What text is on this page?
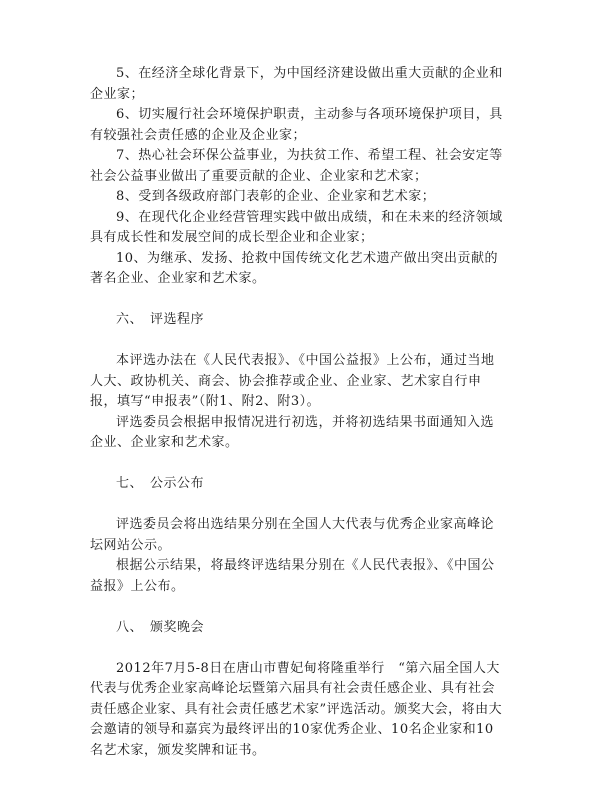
5、在经济全球化背景下，为中国经济建设做出重大贡献的企业和企业家；

6、切实履行社会环境保护职责，主动参与各项环境保护项目，具有较强社会责任感的企业及企业家；

7、热心社会环保公益事业，为扶贫工作、希望工程、社会安定等社会公益事业做出了重要贡献的企业、企业家和艺术家；

8、受到各级政府部门表彰的企业、企业家和艺术家；

9、在现代化企业经营管理实践中做出成绩，和在未来的经济领域具有成长性和发展空间的成长型企业和企业家；

10、为继承、发扬、抢救中国传统文化艺术遗产做出突出贡献的著名企业、企业家和艺术家。

六、　评选程序

本评选办法在《人民代表报》、《中国公益报》上公布，通过当地人大、政协机关、商会、协会推荐或企业、企业家、艺术家自行申报，填写“申报表”（附1、附2、附3）。

评选委员会根据申报情况进行初选，并将初选结果书面通知入选企业、企业家和艺术家。

七、　公示公布

评选委员会将出选结果分别在全国人大代表与优秀企业家高峰论坛网站公示。

根据公示结果，将最终评选结果分别在《人民代表报》、《中国公益报》上公布。

八、　颁奖晚会

2012年7月5-8日在唐山市曹妃甸将隆重举行　“第六届全国人大代表与优秀企业家高峰论坛暨第六届具有社会责任感企业、具有社会责任感企业家、具有社会责任感艺术家”评选活动。颁奖大会，将由大会邀请的领导和嘉宾为最终评出的10家优秀企业、10名企业家和10名艺术家，颁发奖牌和证书。
